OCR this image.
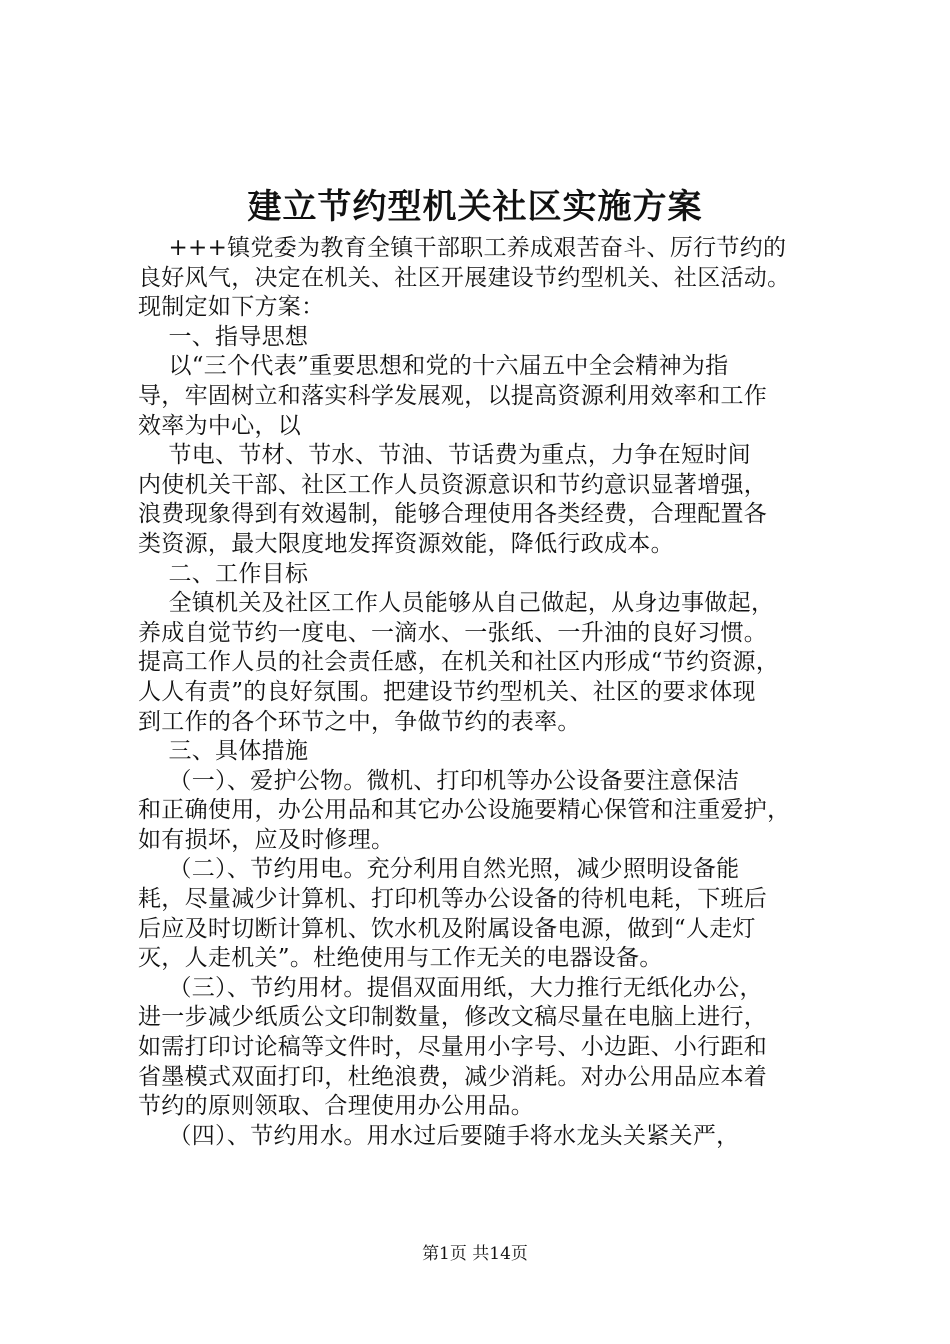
建立节约型机关社区实施方案
+++镇党委为教育全镇干部职工养成艰苦奋斗、厉行节约的
良好风气，决定在机关、社区开展建设节约型机关、社区活动。
现制定如下方案：
一、指导思想
以“三个代表”重要思想和党的十六届五中全会精神为指
导，牢固树立和落实科学发展观，以提高资源利用效率和工作
效率为中心，以
节电、节材、节水、节油、节话费为重点，力争在短时间
内使机关干部、社区工作人员资源意识和节约意识显著增强，
浪费现象得到有效遏制，能够合理使用各类经费，合理配置各
类资源，最大限度地发挥资源效能，降低行政成本。
二、工作目标
全镇机关及社区工作人员能够从自己做起，从身边事做起，
养成自觉节约一度电、一滴水、一张纸、一升油的良好习惯。
提高工作人员的社会责任感，在机关和社区内形成“节约资源，
人人有责”的良好氛围。把建设节约型机关、社区的要求体现
到工作的各个环节之中，争做节约的表率。
三、具体措施
（一）、爱护公物。微机、打印机等办公设备要注意保洁
和正确使用，办公用品和其它办公设施要精心保管和注重爱护，
如有损坏，应及时修理。
（二）、节约用电。充分利用自然光照，减少照明设备能
耗，尽量减少计算机、打印机等办公设备的待机电耗，下班后
后应及时切断计算机、饮水机及附属设备电源，做到“人走灯
灭，人走机关”。杜绝使用与工作无关的电器设备。
（三）、节约用材。提倡双面用纸，大力推行无纸化办公，
进一步减少纸质公文印制数量，修改文稿尽量在电脑上进行，
如需打印讨论稿等文件时，尽量用小字号、小边距、小行距和
省墨模式双面打印，杜绝浪费，减少消耗。对办公用品应本着
节约的原则领取、合理使用办公用品。
（四）、节约用水。用水过后要随手将水龙头关紧关严，
第1页 共14页
